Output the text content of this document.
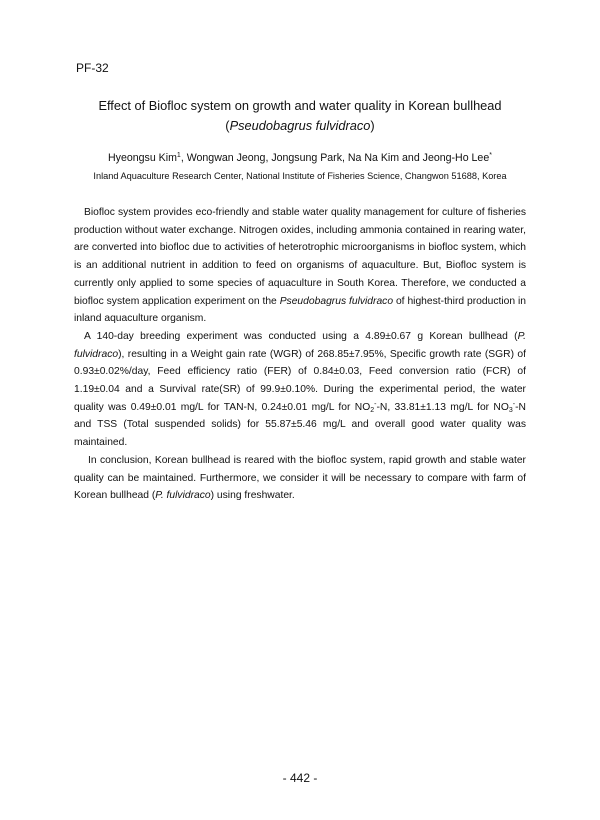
PF-32
Effect of Biofloc system on growth and water quality in Korean bullhead
(Pseudobagrus fulvidraco)
Hyeongsu Kim$^1$, Wongwan Jeong, Jongsung Park, Na Na Kim and Jeong-Ho Lee*
Inland Aquaculture Research Center, National Institute of Fisheries Science, Changwon 51688, Korea

Biofloc system provides eco-friendly and stable water quality management for culture of fisheries production without water exchange. Nitrogen oxides, including ammonia contained in rearing water, are converted into biofloc due to activities of heterotrophic microorganisms in biofloc system, which is an additional nutrient in addition to feed on organisms of aquaculture. But, Biofloc system is currently only applied to some species of aquaculture in South Korea. Therefore, we conducted a biofloc system application experiment on the Pseudobagrus fulvidraco of highest-third production in inland aquaculture organism.

A 140-day breeding experiment was conducted using a 4.89±0.67 g Korean bullhead (P. fulvidraco), resulting in a Weight gain rate (WGR) of 268.85±7.95%, Specific growth rate (SGR) of 0.93±0.02%/day, Feed efficiency ratio (FER) of 0.84±0.03, Feed conversion ratio (FCR) of 1.19±0.04 and a Survival rate(SR) of 99.9±0.10%. During the experimental period, the water quality was 0.49±0.01 mg/L for TAN-N, 0.24±0.01 mg/L for $NO_2^--N$, 33.81±1.13 mg/L for $NO_3^--N$ and TSS (Total suspended solids) for 55.87±5.46 mg/L and overall good water quality was maintained.

In conclusion, Korean bullhead is reared with the biofloc system, rapid growth and stable water quality can be maintained. Furthermore, we consider it will be necessary to compare with farm of Korean bullhead (P. fulvidraco) using freshwater.

- 442 -
